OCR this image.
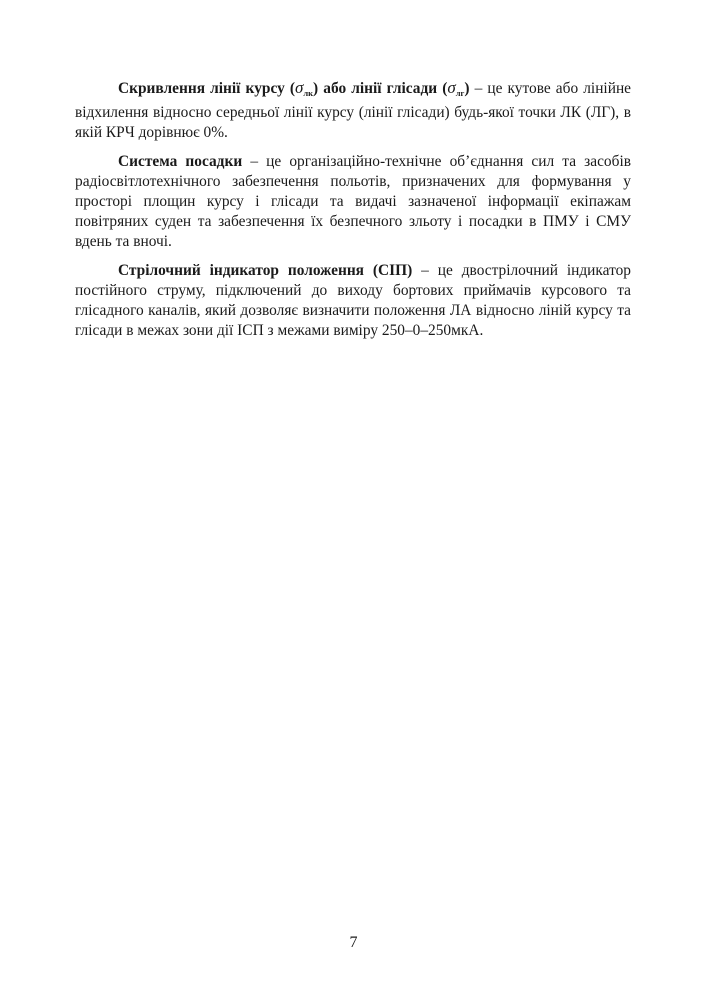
Скривлення лінії курсу $(\sigma_{лк})$ або лінії глісади $(\sigma_{лг})$ – це кутове або лінійне відхилення відносно середньої лінії курсу (лінії глісади) будь-якої точки ЛК (ЛГ), в якій КРЧ дорівнює 0%.

Система посадки – це організаційно-технічне об’єднання сил та засобів радіосвітлотехнічного забезпечення польотів, призначених для формування у просторі площин курсу і глісади та видачі зазначеної інформації екіпажам повітряних суден та забезпечення їх безпечного зльоту і посадки в ПМУ і СМУ вдень та вночі.

Стрілочний індикатор положення (СІП) – це двострілочний індикатор постійного струму, підключений до виходу бортових приймачів курсового та глісадного каналів, який дозволяє визначити положення ЛА відносно ліній курсу та глісади в межах зони дії ІСП з межами виміру 250–0–250мкА.

7
